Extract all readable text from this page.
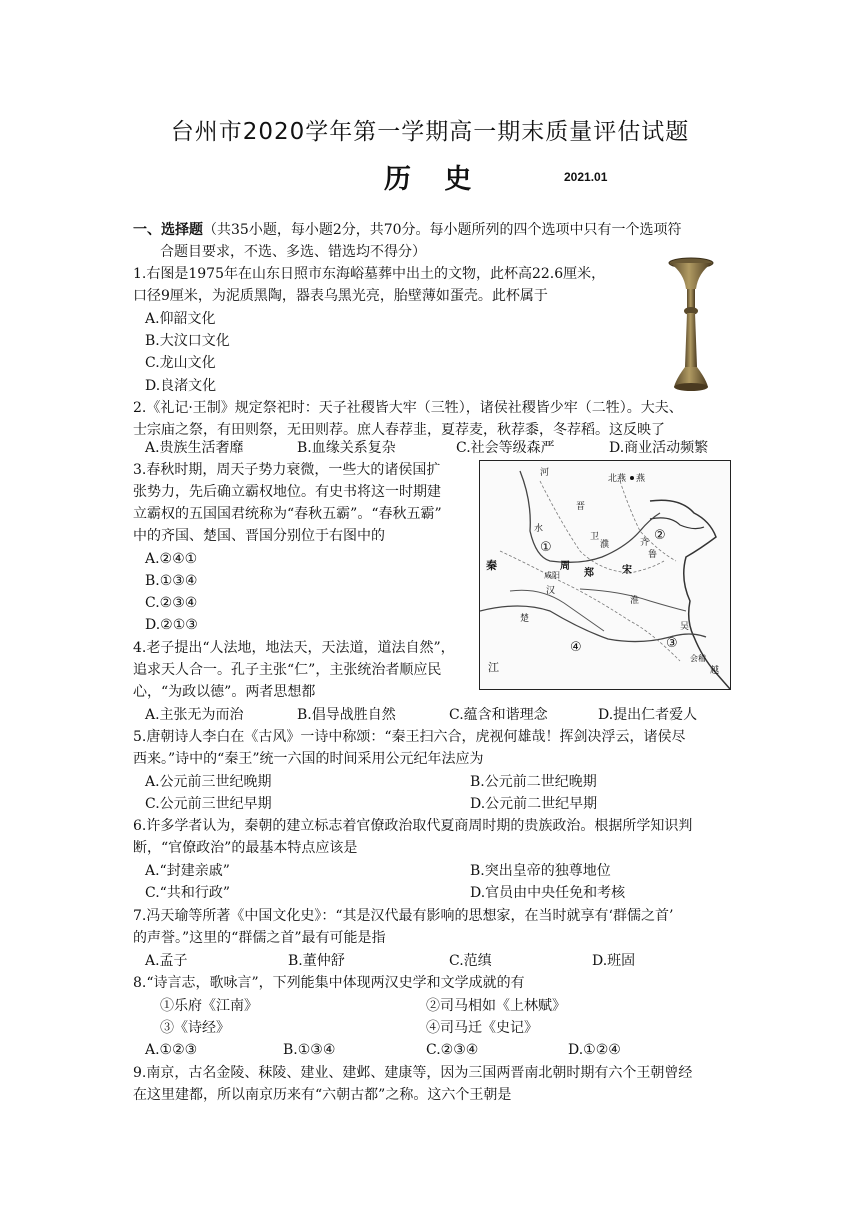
台州市2020学年第一学期高一期末质量评估试题
历 史	2021.01
一、选择题（共35小题，每小题2分，共70分。每小题所列的四个选项中只有一个选项符
合题目要求，不选、多选、错选均不得分）
1.右图是1975年在山东日照市东海峪墓葬中出土的文物，此杯高22.6厘米，
口径9厘米，为泥质黑陶，器表乌黑光亮，胎壁薄如蛋壳。此杯属于
A.仰韶文化
B.大汶口文化
C.龙山文化
D.良渚文化
2.《礼记·王制》规定祭祀时：天子社稷皆大牢（三牲），诸侯社稷皆少牢（二牲）。大夫、
士宗庙之祭，有田则祭，无田则荐。庶人春荐韭，夏荐麦，秋荐黍，冬荐稻。这反映了
A.贵族生活奢靡	B.血缘关系复杂	C.社会等级森严	D.商业活动频繁
3.春秋时期，周天子势力衰微，一些大的诸侯国扩
张势力，先后确立霸权地位。有史书将这一时期建
立霸权的五国国君统称为“春秋五霸”。“春秋五霸”
中的齐国、楚国、晋国分别位于右图中的
A.②④①
B.①③④
C.②③④
D.②①③
北燕 燕
河
水
卫
晋
齐
濮
秦	周
咸阳 郑	宋
鲁
汉
淮
楚
吴
会稽
越
江
①
②
③
④
4.老子提出“人法地，地法天，天法道，道法自然”，
追求天人合一。孔子主张“仁”，主张统治者顺应民
心，“为政以德”。两者思想都
A.主张无为而治	B.倡导战胜自然	C.蕴含和谐理念	D.提出仁者爱人
5.唐朝诗人李白在《古风》一诗中称颂：“秦王扫六合，虎视何雄哉！挥剑决浮云，诸侯尽
西来。”诗中的“秦王”统一六国的时间采用公元纪年法应为
A.公元前三世纪晚期	B.公元前二世纪晚期
C.公元前三世纪早期	D.公元前二世纪早期
6.许多学者认为，秦朝的建立标志着官僚政治取代夏商周时期的贵族政治。根据所学知识判
断，“官僚政治”的最基本特点应该是
A.“封建亲戚”	B.突出皇帝的独尊地位
C.“共和行政”	D.官员由中央任免和考核
7.冯天瑜等所著《中国文化史》：“其是汉代最有影响的思想家，在当时就享有‘群儒之首’
的声誉。”这里的“群儒之首”最有可能是指
A.孟子	B.董仲舒	C.范缜	D.班固
8.“诗言志，歌咏言”，下列能集中体现两汉史学和文学成就的有
①乐府《江南》	②司马相如《上林赋》
③《诗经》	④司马迁《史记》
A.①②③	B.①③④	C.②③④	D.①②④
9.南京，古名金陵、秣陵、建业、建邺、建康等，因为三国两晋南北朝时期有六个王朝曾经
在这里建都，所以南京历来有“六朝古都”之称。这六个王朝是
